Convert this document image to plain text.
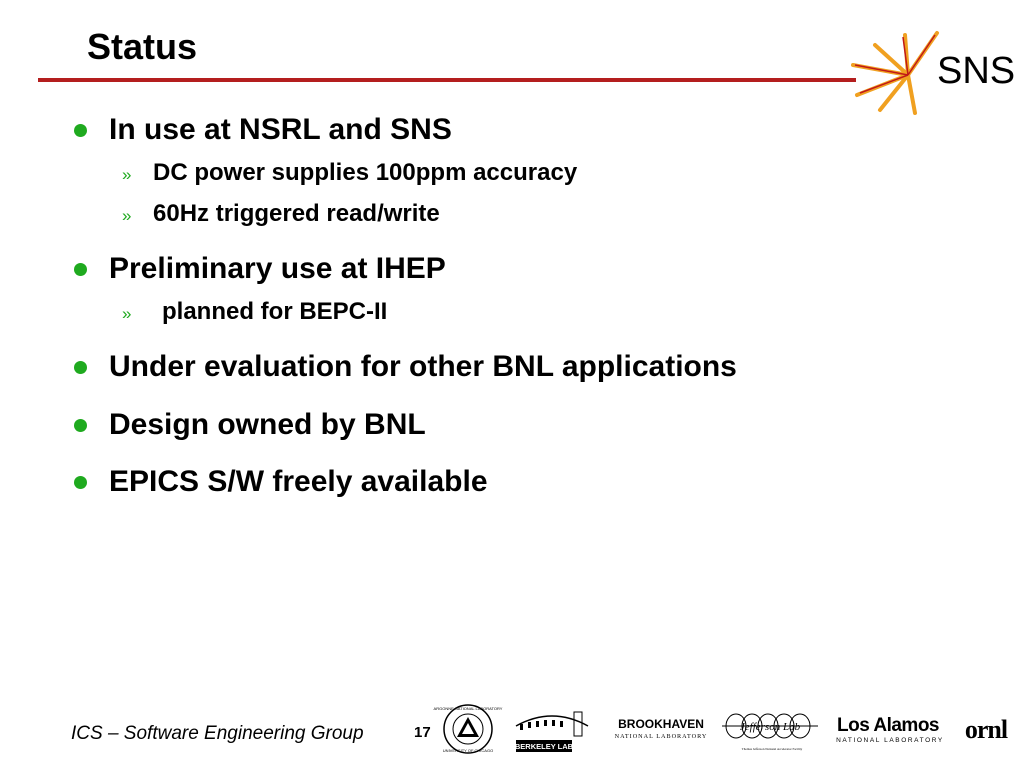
Status
SNS
In use at NSRL and SNS
» DC power supplies 100ppm accuracy
» 60Hz triggered read/write
Preliminary use at IHEP
» planned for BEPC-II
Under evaluation for other BNL applications
Design owned by BNL
EPICS S/W freely available
ICS – Software Engineering Group	17
ARGONNE NATIONAL LABORATORY
UNIVERSITY OF CHICAGO	BERKELEY LAB
BROOKHAVEN
NATIONAL LABORATORY
Jefferson Lab
Thomas Jefferson National Accelerator Facility
Los Alamos
NATIONAL LABORATORY ornl
